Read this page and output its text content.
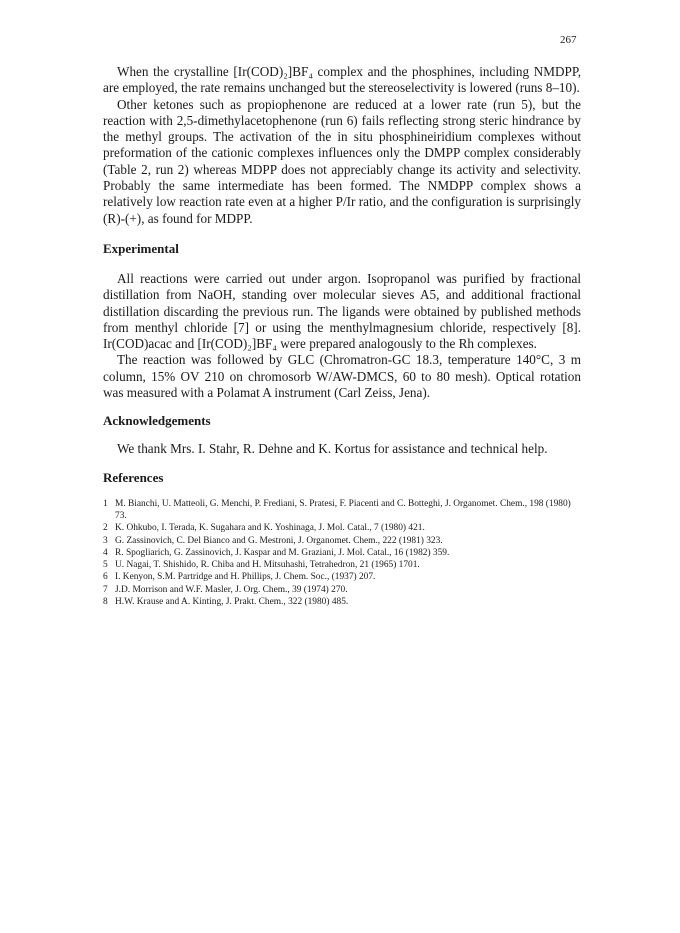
267

When the crystalline [Ir(COD)₂]BF₄ complex and the phosphines, including NMDPP, are employed, the rate remains unchanged but the stereoselectivity is lowered (runs 8–10).

Other ketones such as propiophenone are reduced at a lower rate (run 5), but the reaction with 2,5-dimethylacetophenone (run 6) fails reflecting strong steric hindrance by the methyl groups. The activation of the in situ phosphineiridium complexes without preformation of the cationic complexes influences only the DMPP complex considerably (Table 2, run 2) whereas MDPP does not appreciably change its activity and selectivity. Probably the same intermediate has been formed. The NMDPP complex shows a relatively low reaction rate even at a higher P/Ir ratio, and the configuration is surprisingly (R)-(+), as found for MDPP.

Experimental

All reactions were carried out under argon. Isopropanol was purified by fractional distillation from NaOH, standing over molecular sieves A5, and additional fractional distillation discarding the previous run. The ligands were obtained by published methods from menthyl chloride [7] or using the menthylmagnesium chloride, respectively [8]. Ir(COD)acac and [Ir(COD)₂]BF₄ were prepared analogously to the Rh complexes.

The reaction was followed by GLC (Chromatron-GC 18.3, temperature 140°C, 3 m column, 15% OV 210 on chromosorb W/AW-DMCS, 60 to 80 mesh). Optical rotation was measured with a Polamat A instrument (Carl Zeiss, Jena).

Acknowledgements

We thank Mrs. I. Stahr, R. Dehne and K. Kortus for assistance and technical help.

References
1 M. Bianchi, U. Matteoli, G. Menchi, P. Frediani, S. Pratesi, F. Piacenti and C. Botteghi, J. Organomet. Chem., 198 (1980) 73.
2 K. Ohkubo, I. Terada, K. Sugahara and K. Yoshinaga, J. Mol. Catal., 7 (1980) 421.
3 G. Zassinovich, C. Del Bianco and G. Mestroni, J. Organomet. Chem., 222 (1981) 323.
4 R. Spogliarich, G. Zassinovich, J. Kaspar and M. Graziani, J. Mol. Catal., 16 (1982) 359.
5 U. Nagai, T. Shishido, R. Chiba and H. Mitsuhashi, Tetrahedron, 21 (1965) 1701.
6 I. Kenyon, S.M. Partridge and H. Phillips, J. Chem. Soc., (1937) 207.
7 J.D. Morrison and W.F. Masler, J. Org. Chem., 39 (1974) 270.
8 H.W. Krause and A. Kinting, J. Prakt. Chem., 322 (1980) 485.
